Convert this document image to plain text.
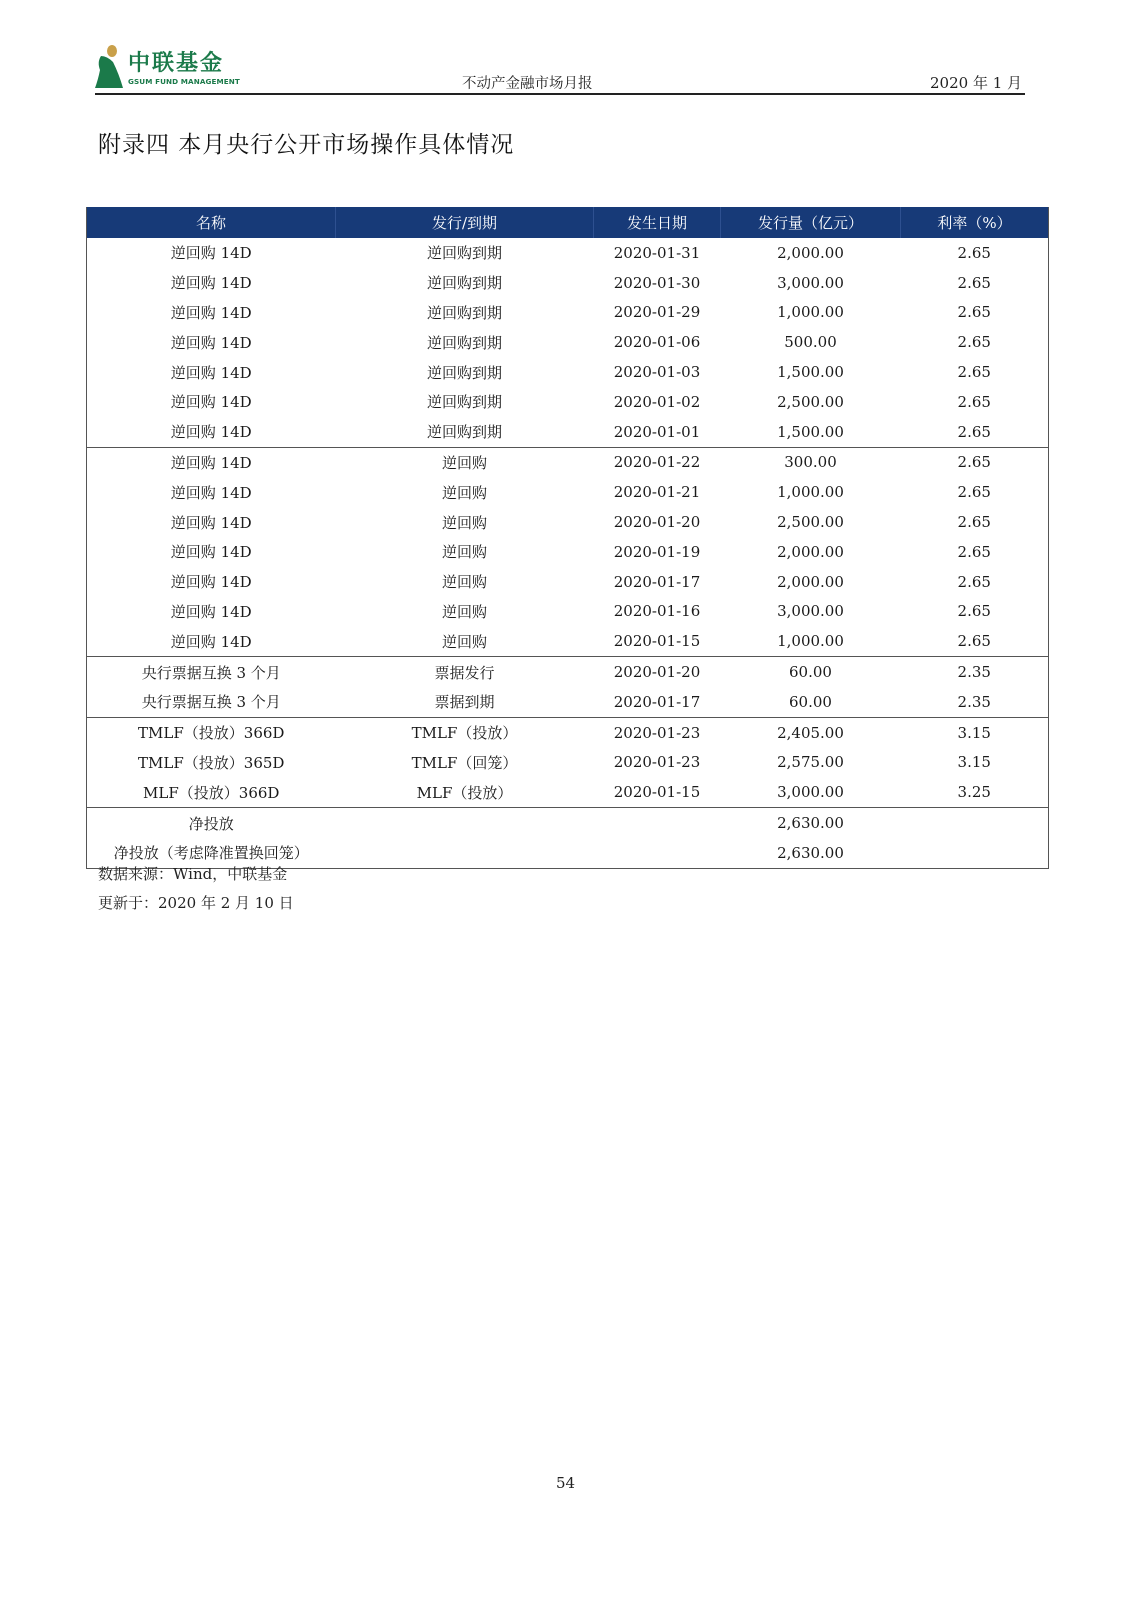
中联基金
GSUM FUND MANAGEMENT	不动产金融市场月报	2020 年 1 月
附录四 本月央行公开市场操作具体情况
名称	发行/到期	发生日期	发行量（亿元）	利率（%）
逆回购 14D	逆回购到期	2020-01-31	2,000.00	2.65
逆回购 14D	逆回购到期	2020-01-30	3,000.00	2.65
逆回购 14D	逆回购到期	2020-01-29	1,000.00	2.65
逆回购 14D	逆回购到期	2020-01-06	500.00	2.65
逆回购 14D	逆回购到期	2020-01-03	1,500.00	2.65
逆回购 14D	逆回购到期	2020-01-02	2,500.00	2.65
逆回购 14D	逆回购到期	2020-01-01	1,500.00	2.65
逆回购 14D	逆回购	2020-01-22	300.00	2.65
逆回购 14D	逆回购	2020-01-21	1,000.00	2.65
逆回购 14D	逆回购	2020-01-20	2,500.00	2.65
逆回购 14D	逆回购	2020-01-19	2,000.00	2.65
逆回购 14D	逆回购	2020-01-17	2,000.00	2.65
逆回购 14D	逆回购	2020-01-16	3,000.00	2.65
逆回购 14D	逆回购	2020-01-15	1,000.00	2.65
央行票据互换 3 个月	票据发行	2020-01-20	60.00	2.35
央行票据互换 3 个月	票据到期	2020-01-17	60.00	2.35
TMLF（投放）366D	TMLF（投放）	2020-01-23	2,405.00	3.15
TMLF（投放）365D	TMLF（回笼）	2020-01-23	2,575.00	3.15
MLF（投放）366D	MLF（投放）	2020-01-15	3,000.00	3.25
净投放			2,630.00	
净投放（考虑降准置换回笼）			2,630.00	
数据来源：Wind，中联基金
更新于：2020 年 2 月 10 日
54
